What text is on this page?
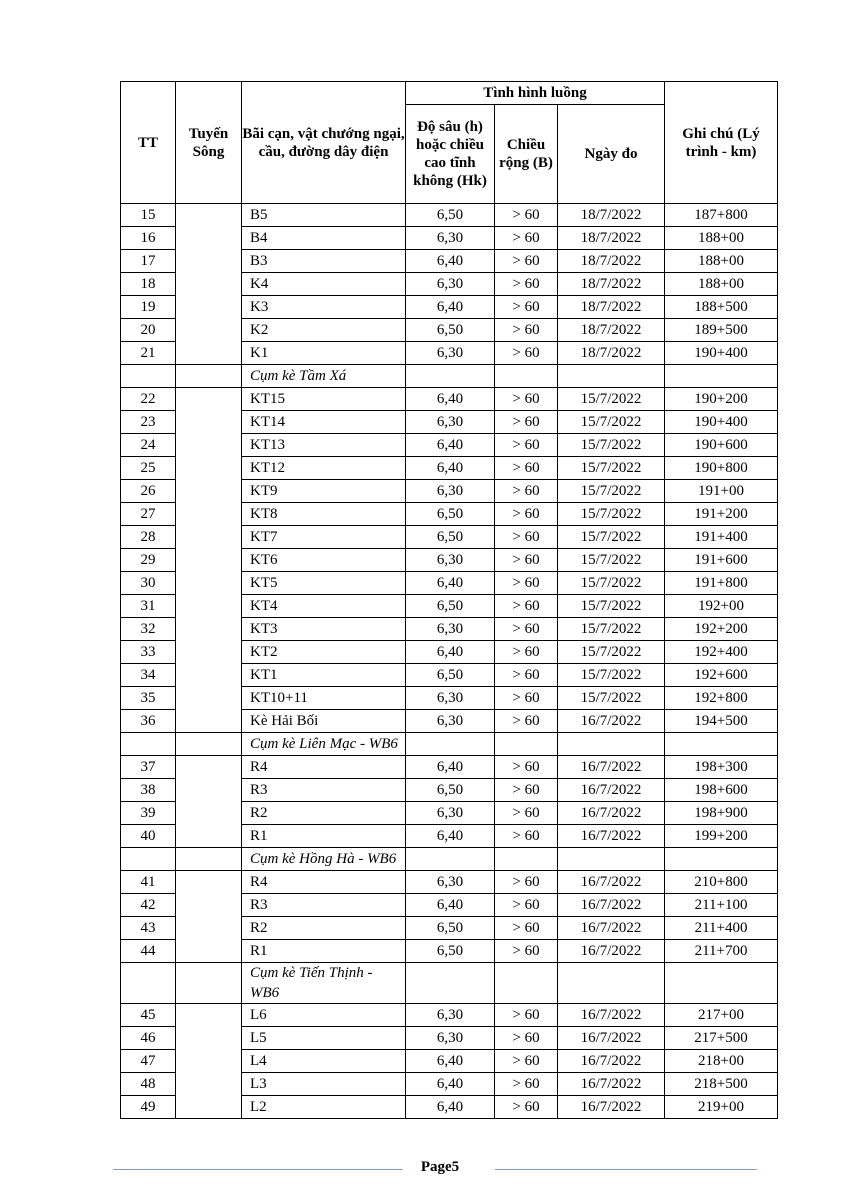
TT	Tuyến Sông	Bãi cạn, vật chướng ngại, cầu, đường dây điện	Tình hình luồng			Ghi chú (Lý trình - km)
			Độ sâu (h) hoặc chiều cao tĩnh không (Hk)	Chiều rộng (B)	Ngày đo	
15		B5	6,50	> 60	18/7/2022	187+800
16		B4	6,30	> 60	18/7/2022	188+00
17		B3	6,40	> 60	18/7/2022	188+00
18		K4	6,30	> 60	18/7/2022	188+00
19		K3	6,40	> 60	18/7/2022	188+500
20		K2	6,50	> 60	18/7/2022	189+500
21		K1	6,30	> 60	18/7/2022	190+400
		Cụm kè Tầm Xá				
22		KT15	6,40	> 60	15/7/2022	190+200
23		KT14	6,30	> 60	15/7/2022	190+400
24		KT13	6,40	> 60	15/7/2022	190+600
25		KT12	6,40	> 60	15/7/2022	190+800
26		KT9	6,30	> 60	15/7/2022	191+00
27		KT8	6,50	> 60	15/7/2022	191+200
28		KT7	6,50	> 60	15/7/2022	191+400
29		KT6	6,30	> 60	15/7/2022	191+600
30		KT5	6,40	> 60	15/7/2022	191+800
31		KT4	6,50	> 60	15/7/2022	192+00
32		KT3	6,30	> 60	15/7/2022	192+200
33		KT2	6,40	> 60	15/7/2022	192+400
34		KT1	6,50	> 60	15/7/2022	192+600
35		KT10+11	6,30	> 60	15/7/2022	192+800
36		Kè Hải Bối	6,30	> 60	16/7/2022	194+500
		Cụm kè Liên Mạc - WB6				
37		R4	6,40	> 60	16/7/2022	198+300
38		R3	6,50	> 60	16/7/2022	198+600
39		R2	6,30	> 60	16/7/2022	198+900
40		R1	6,40	> 60	16/7/2022	199+200
		Cụm kè Hồng Hà - WB6				
41		R4	6,30	> 60	16/7/2022	210+800
42		R3	6,40	> 60	16/7/2022	211+100
43		R2	6,50	> 60	16/7/2022	211+400
44		R1	6,50	> 60	16/7/2022	211+700
		Cụm kè Tiến Thịnh - WB6				
45		L6	6,30	> 60	16/7/2022	217+00
46		L5	6,30	> 60	16/7/2022	217+500
47		L4	6,40	> 60	16/7/2022	218+00
48		L3	6,40	> 60	16/7/2022	218+500
49		L2	6,40	> 60	16/7/2022	219+00
Page5
